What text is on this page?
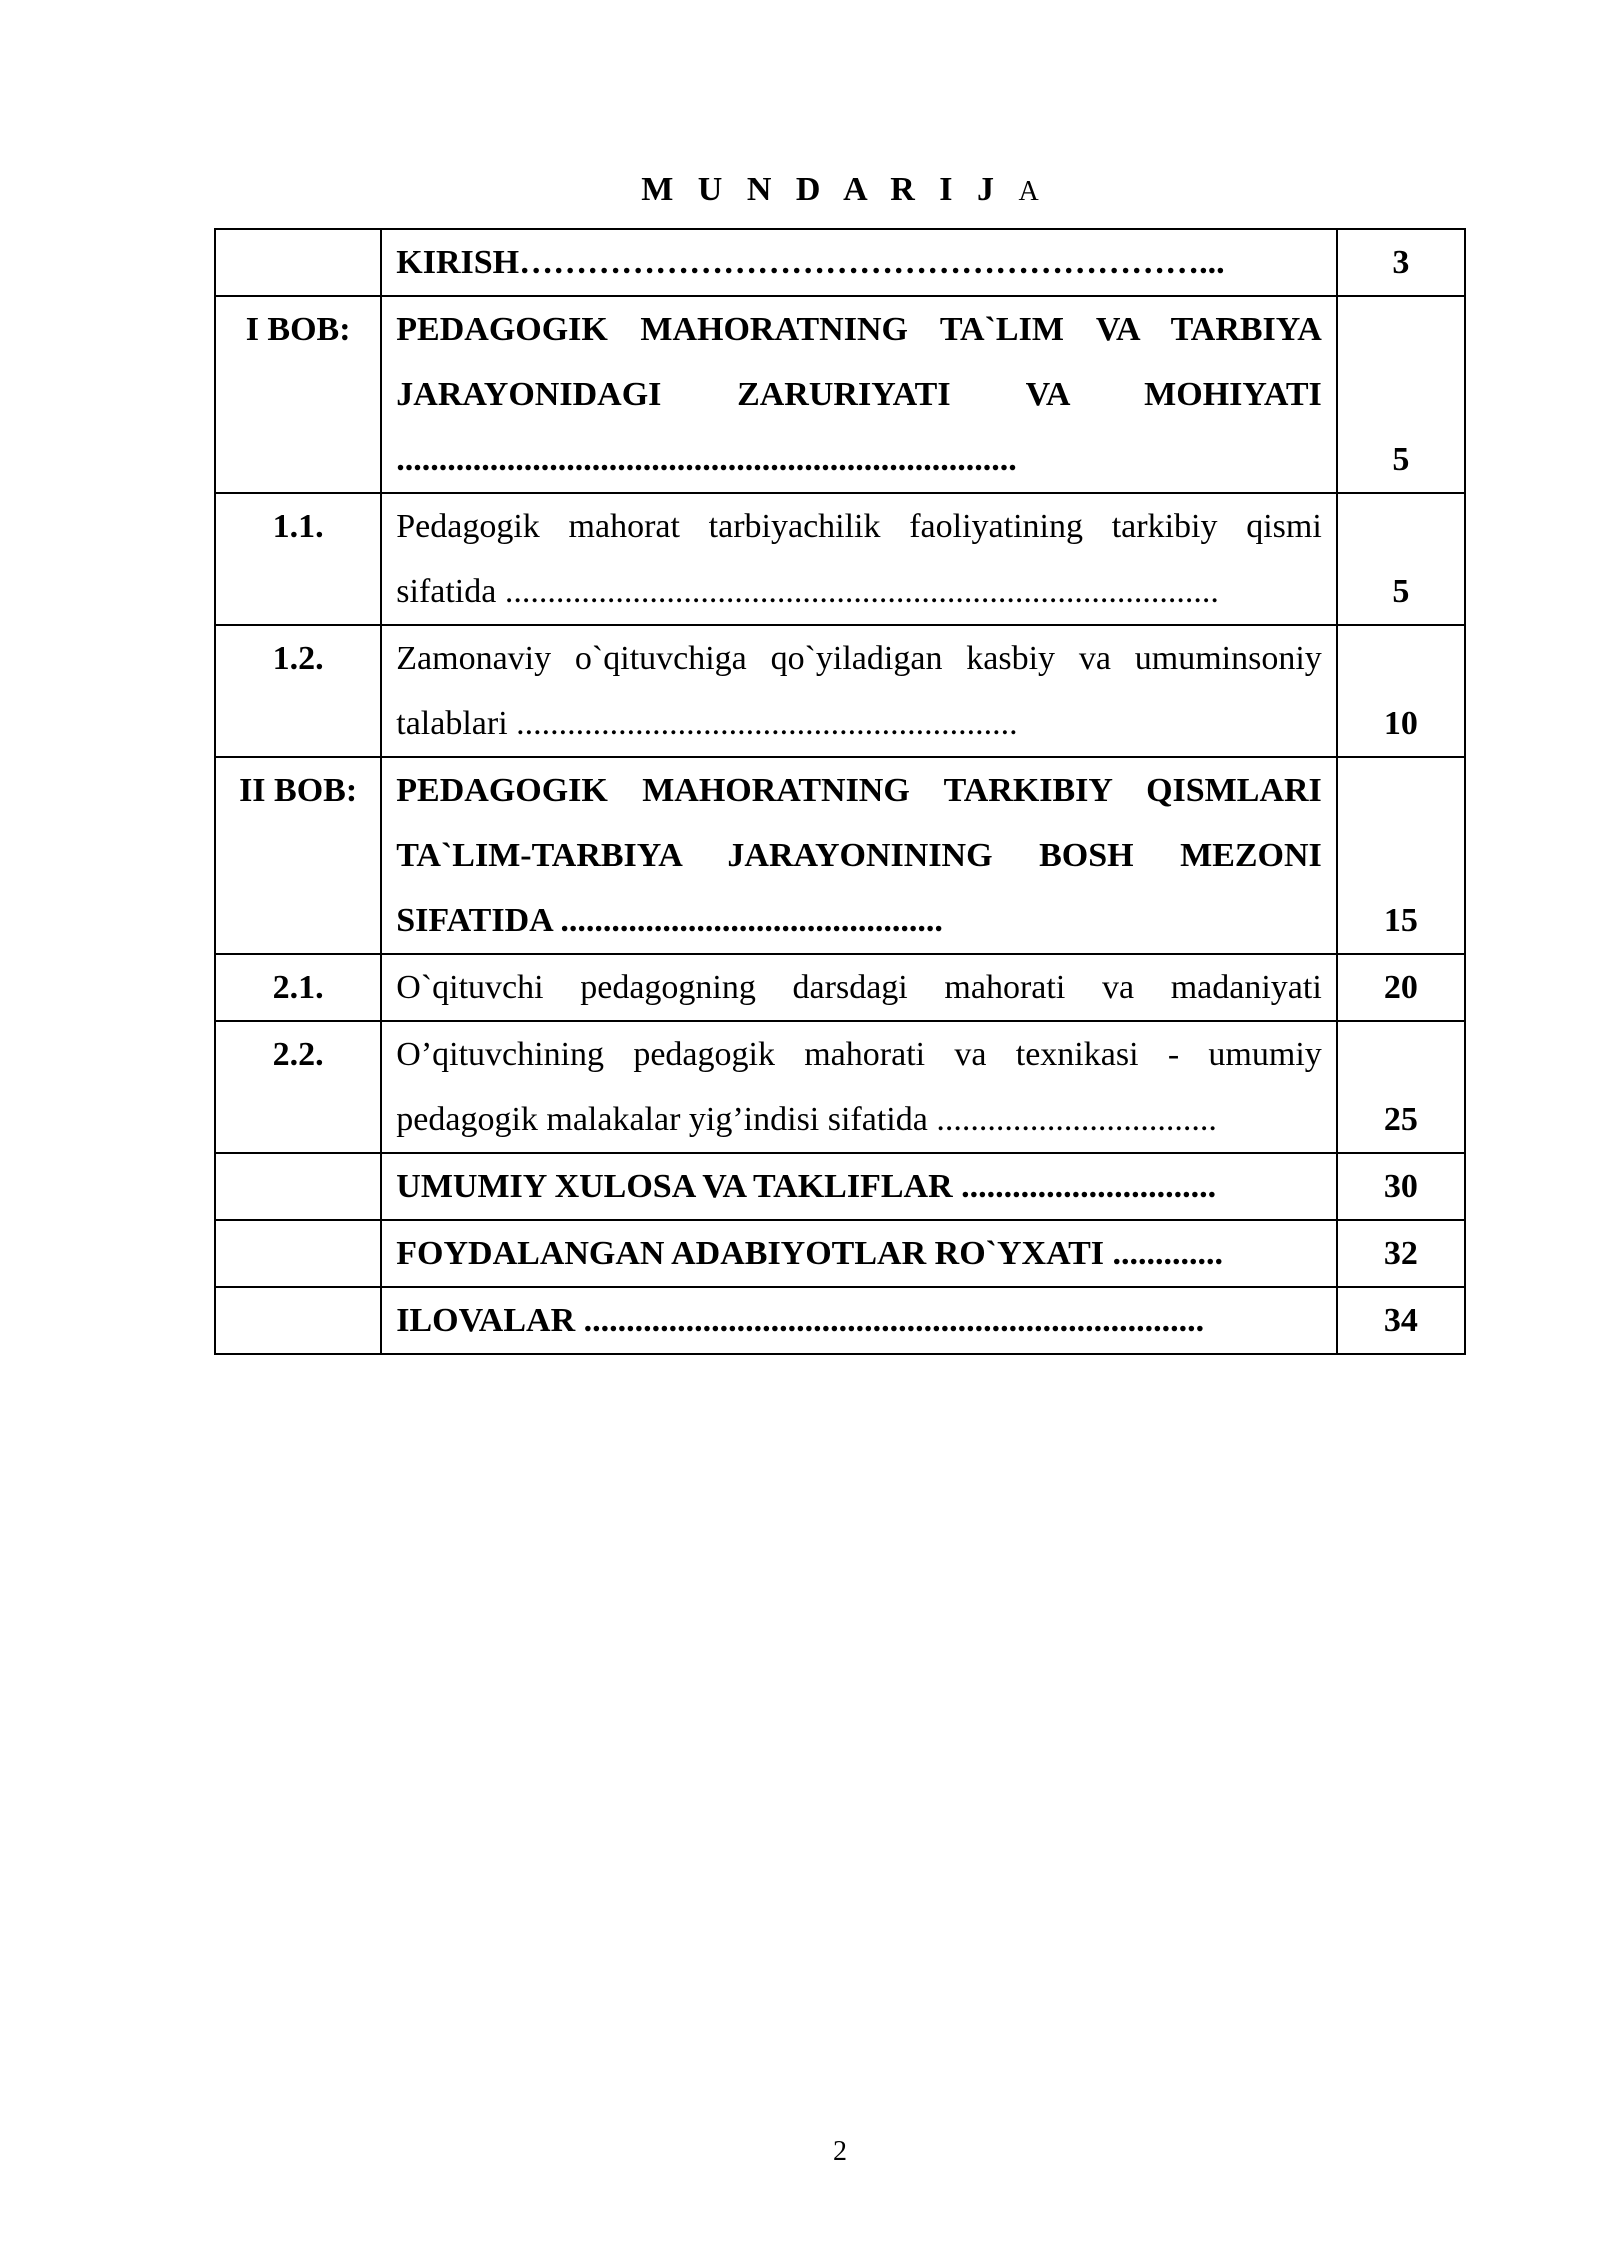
M U N D A R I J A
	KIRISH……………………………………………………...	3
I BOB:	PEDAGOGIK MAHORATNING TA`LIM VA TARBIYA JARAYONIDAGI ZARURIYATI VA MOHIYATI .........................................................................	5
1.1.	Pedagogik mahorat tarbiyachilik faoliyatining tarkibiy qismi sifatida ....................................................................................	5
1.2.	Zamonaviy o`qituvchiga qo`yiladigan kasbiy va umuminsoniy talablari ...........................................................	10
II BOB:	PEDAGOGIK MAHORATNING TARKIBIY QISMLARI TA`LIM-TARBIYA JARAYONINING BOSH MEZONI SIFATIDA .............................................	15
2.1.	O`qituvchi pedagogning darsdagi mahorati va madaniyati	20
2.2.	O’qituvchining pedagogik mahorati va texnikasi - umumiy pedagogik malakalar yig’indisi sifatida .................................	25
	UMUMIY XULOSA VA TAKLIFLAR ..............................	30
	FOYDALANGAN ADABIYOTLAR RO`YXATI .............	32
	ILOVALAR .........................................................................	34
2
